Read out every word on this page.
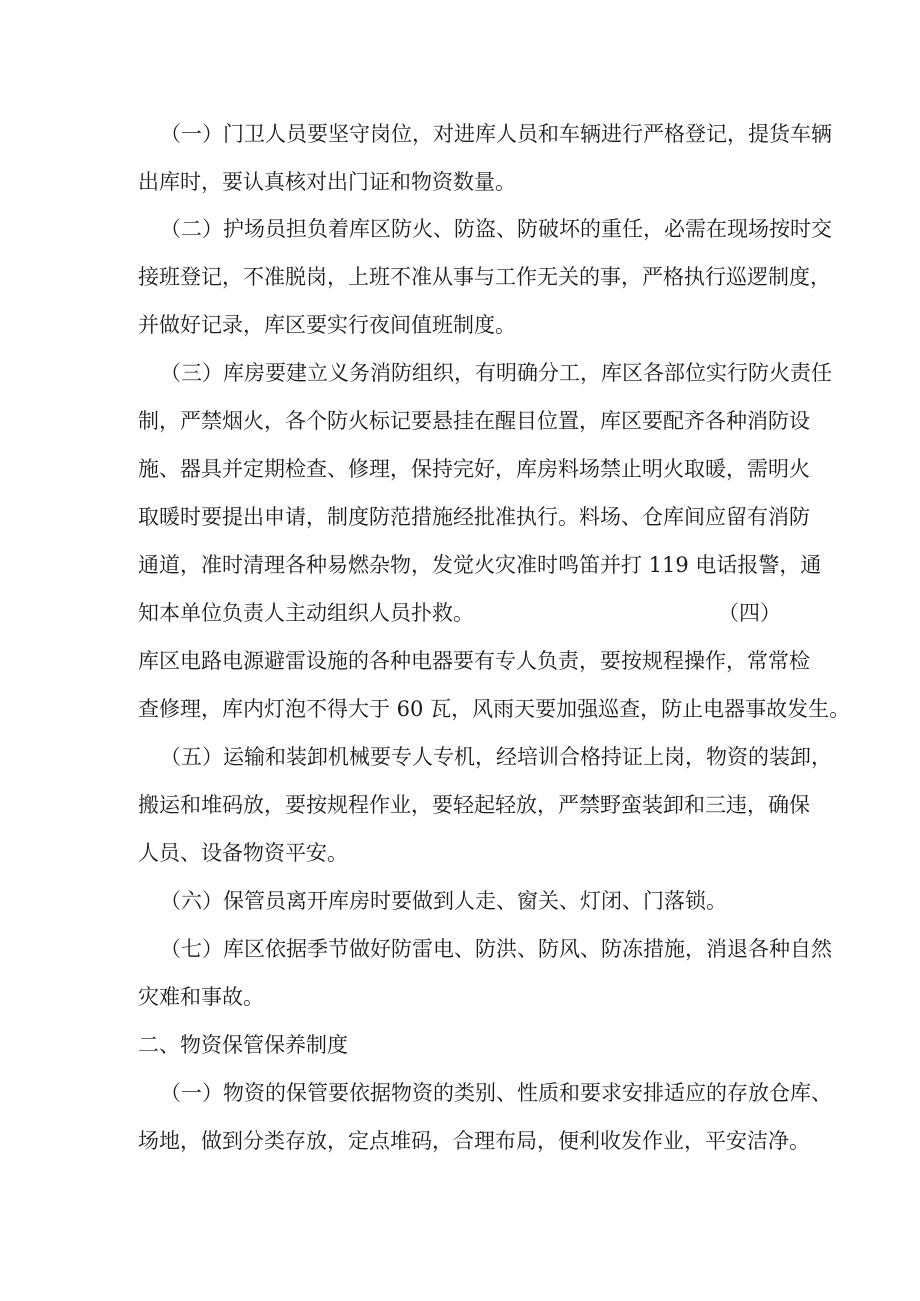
（一）门卫人员要坚守岗位，对进库人员和车辆进行严格登记，提货车辆
出库时，要认真核对出门证和物资数量。
（二）护场员担负着库区防火、防盗、防破坏的重任，必需在现场按时交
接班登记，不准脱岗，上班不准从事与工作无关的事，严格执行巡逻制度，
并做好记录，库区要实行夜间值班制度。
（三）库房要建立义务消防组织，有明确分工，库区各部位实行防火责任
制，严禁烟火，各个防火标记要悬挂在醒目位置，库区要配齐各种消防设
施、器具并定期检查、修理，保持完好，库房料场禁止明火取暖，需明火
取暖时要提出申请，制度防范措施经批准执行。料场、仓库间应留有消防
通道，准时清理各种易燃杂物，发觉火灾准时鸣笛并打 119 电话报警，通
知本单位负责人主动组织人员扑救。	（四）
库区电路电源避雷设施的各种电器要有专人负责，要按规程操作，常常检
查修理，库内灯泡不得大于 60 瓦，风雨天要加强巡查，防止电器事故发生。
（五）运输和装卸机械要专人专机，经培训合格持证上岗，物资的装卸，
搬运和堆码放，要按规程作业，要轻起轻放，严禁野蛮装卸和三违，确保
人员、设备物资平安。
（六）保管员离开库房时要做到人走、窗关、灯闭、门落锁。
（七）库区依据季节做好防雷电、防洪、防风、防冻措施，消退各种自然
灾难和事故。
二、物资保管保养制度
（一）物资的保管要依据物资的类别、性质和要求安排适应的存放仓库、
场地，做到分类存放，定点堆码，合理布局，便利收发作业，平安洁净。
